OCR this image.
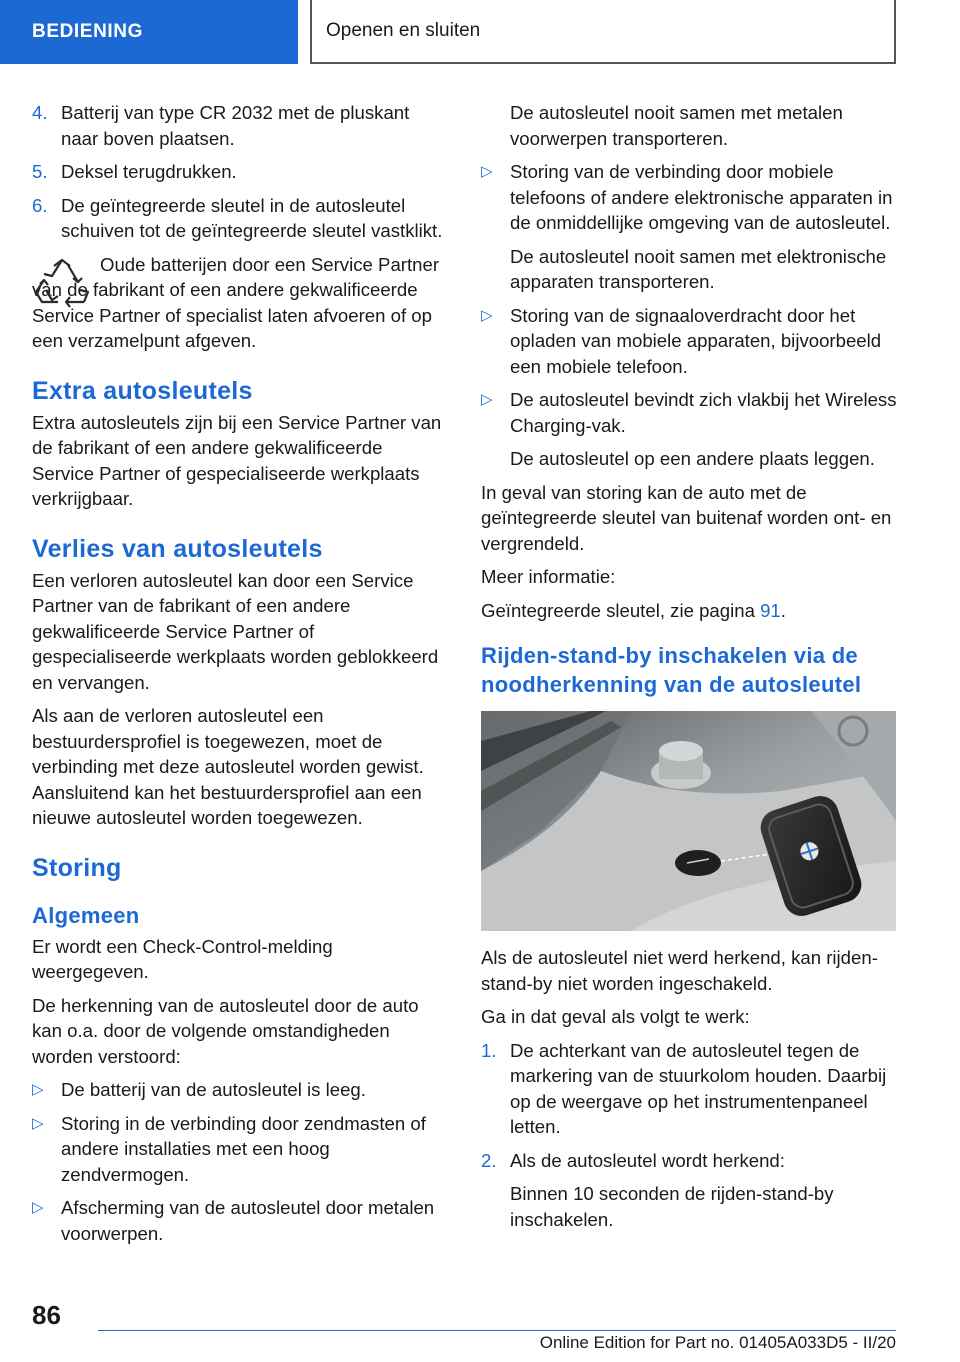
BEDIENING	Openen en sluiten
4. Batterij van type CR 2032 met de pluskant naar boven plaatsen.
5. Deksel terugdrukken.
6. De geïntegreerde sleutel in de autosleutel schuiven tot de geïntegreerde sleutel vastklikt.

Oude batterijen door een Service Partner van de fabrikant of een andere gekwalificeerde Service Partner of specialist laten afvoeren of op een verzamelpunt afgeven.

Extra autosleutels

Extra autosleutels zijn bij een Service Partner van de fabrikant of een andere gekwalificeerde Service Partner of gespecialiseerde werkplaats verkrijgbaar.

Verlies van autosleutels

Een verloren autosleutel kan door een Service Partner van de fabrikant of een andere gekwalificeerde Service Partner of gespecialiseerde werkplaats worden geblokkeerd en vervangen.

Als aan de verloren autosleutel een bestuurdersprofiel is toegewezen, moet de verbinding met deze autosleutel worden gewist. Aansluitend kan het bestuurdersprofiel aan een nieuwe autosleutel worden toegewezen.

Storing
Algemeen

Er wordt een Check-Control-melding weergegeven.

De herkenning van de autosleutel door de auto kan o.a. door de volgende omstandigheden worden verstoord:

▷ De batterij van de autosleutel is leeg.
▷ Storing in de verbinding door zendmasten of andere installaties met een hoog zendvermogen.
▷ Afscherming van de autosleutel door metalen voorwerpen.

De autosleutel nooit samen met metalen voorwerpen transporteren.

▷ Storing van de verbinding door mobiele telefoons of andere elektronische apparaten in de onmiddellijke omgeving van de autosleutel.

De autosleutel nooit samen met elektronische apparaten transporteren.

▷ Storing van de signaaloverdracht door het opladen van mobiele apparaten, bijvoorbeeld een mobiele telefoon.
▷ De autosleutel bevindt zich vlakbij het Wireless Charging-vak.

De autosleutel op een andere plaats leggen.

In geval van storing kan de auto met de geïntegreerde sleutel van buitenaf worden ont- en vergrendeld.

Meer informatie:

Geïntegreerde sleutel, zie pagina 91.

Rijden-stand-by inschakelen via de noodherkenning van de autosleutel

Als de autosleutel niet werd herkend, kan rijden-stand-by niet worden ingeschakeld.

Ga in dat geval als volgt te werk:

1. De achterkant van de autosleutel tegen de markering van de stuurkolom houden. Daarbij op de weergave op het instrumentenpaneel letten.
2. Als de autosleutel wordt herkend:

Binnen 10 seconden de rijden-stand-by inschakelen.

86
Online Edition for Part no. 01405A033D5 - II/20
